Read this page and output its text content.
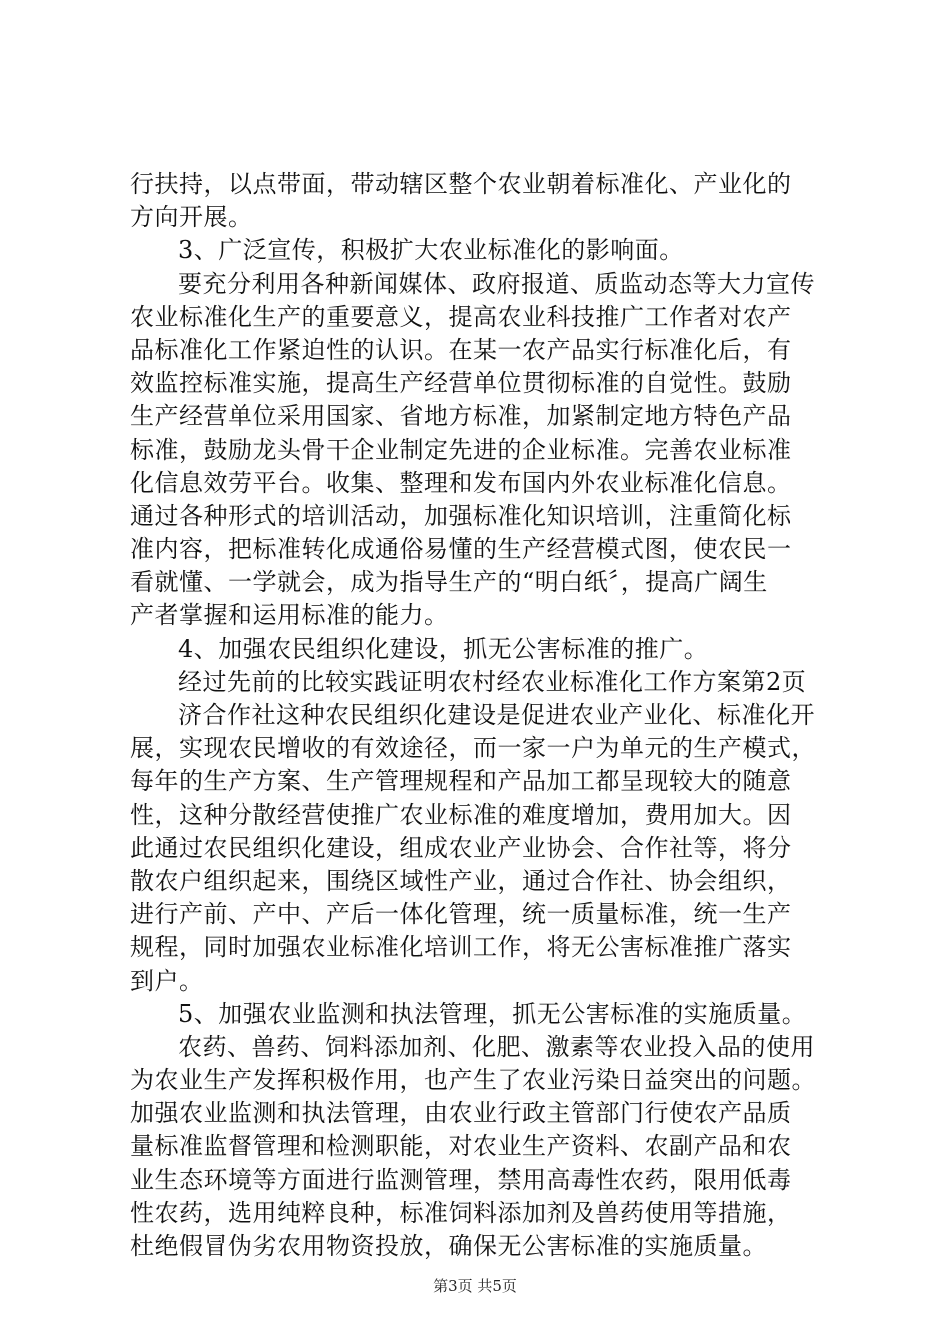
行扶持，以点带面，带动辖区整个农业朝着标准化、产业化的
方向开展。
3、广泛宣传，积极扩大农业标准化的影响面。
要充分利用各种新闻媒体、政府报道、质监动态等大力宣传
农业标准化生产的重要意义，提高农业科技推广工作者对农产
品标准化工作紧迫性的认识。在某一农产品实行标准化后，有
效监控标准实施，提高生产经营单位贯彻标准的自觉性。鼓励
生产经营单位采用国家、省地方标准，加紧制定地方特色产品
标准，鼓励龙头骨干企业制定先进的企业标准。完善农业标准
化信息效劳平台。收集、整理和发布国内外农业标准化信息。
通过各种形式的培训活动，加强标准化知识培训，注重简化标
准内容，把标准转化成通俗易懂的生产经营模式图，使农民一
看就懂、一学就会，成为指导生产的“明白纸〞，提高广阔生
产者掌握和运用标准的能力。
4、加强农民组织化建设，抓无公害标准的推广。
经过先前的比较实践证明农村经农业标准化工作方案第2页
济合作社这种农民组织化建设是促进农业产业化、标准化开
展，实现农民增收的有效途径，而一家一户为单元的生产模式，
每年的生产方案、生产管理规程和产品加工都呈现较大的随意
性，这种分散经营使推广农业标准的难度增加，费用加大。因
此通过农民组织化建设，组成农业产业协会、合作社等，将分
散农户组织起来，围绕区域性产业，通过合作社、协会组织，
进行产前、产中、产后一体化管理，统一质量标准，统一生产
规程，同时加强农业标准化培训工作，将无公害标准推广落实
到户。
5、加强农业监测和执法管理，抓无公害标准的实施质量。
农药、兽药、饲料添加剂、化肥、激素等农业投入品的使用
为农业生产发挥积极作用，也产生了农业污染日益突出的问题。
加强农业监测和执法管理，由农业行政主管部门行使农产品质
量标准监督管理和检测职能，对农业生产资料、农副产品和农
业生态环境等方面进行监测管理，禁用高毒性农药，限用低毒
性农药，选用纯粹良种，标准饲料添加剂及兽药使用等措施，
杜绝假冒伪劣农用物资投放，确保无公害标准的实施质量。
第3页 共5页
